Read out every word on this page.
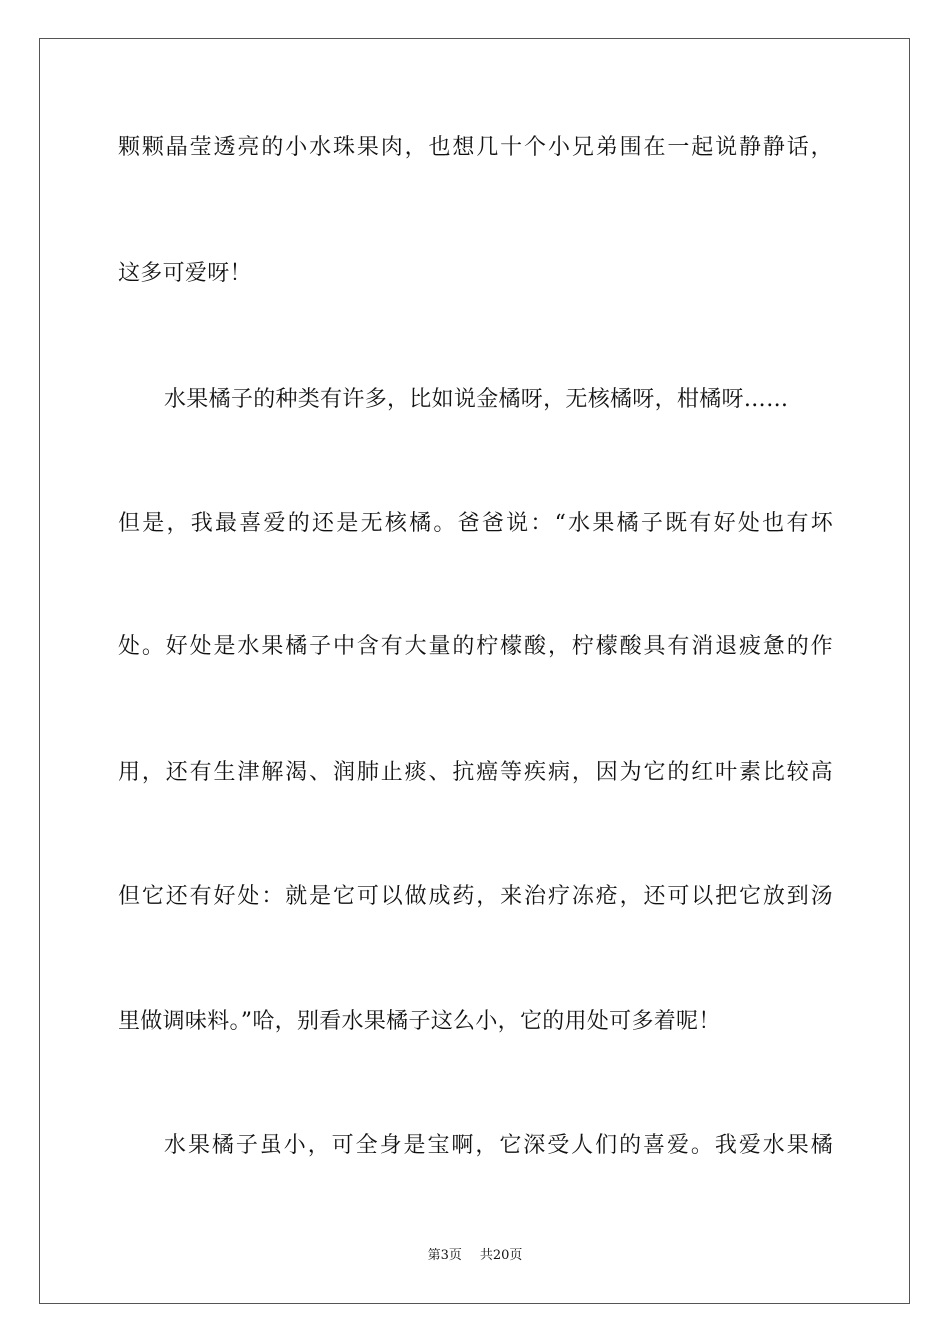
颗颗晶莹透亮的小水珠果肉，也想几十个小兄弟围在一起说静静话，
这多可爱呀！
水果橘子的种类有许多，比如说金橘呀，无核橘呀，柑橘呀……
但是，我最喜爱的还是无核橘。爸爸说：“水果橘子既有好处也有坏
处。好处是水果橘子中含有大量的柠檬酸，柠檬酸具有消退疲惫的作
用，还有生津解渴、润肺止痰、抗癌等疾病，因为它的红叶素比较高
但它还有好处：就是它可以做成药，来治疗冻疮，还可以把它放到汤
里做调味料。”哈，别看水果橘子这么小，它的用处可多着呢！
水果橘子虽小，可全身是宝啊，它深受人们的喜爱。我爱水果橘
第3页 共20页
